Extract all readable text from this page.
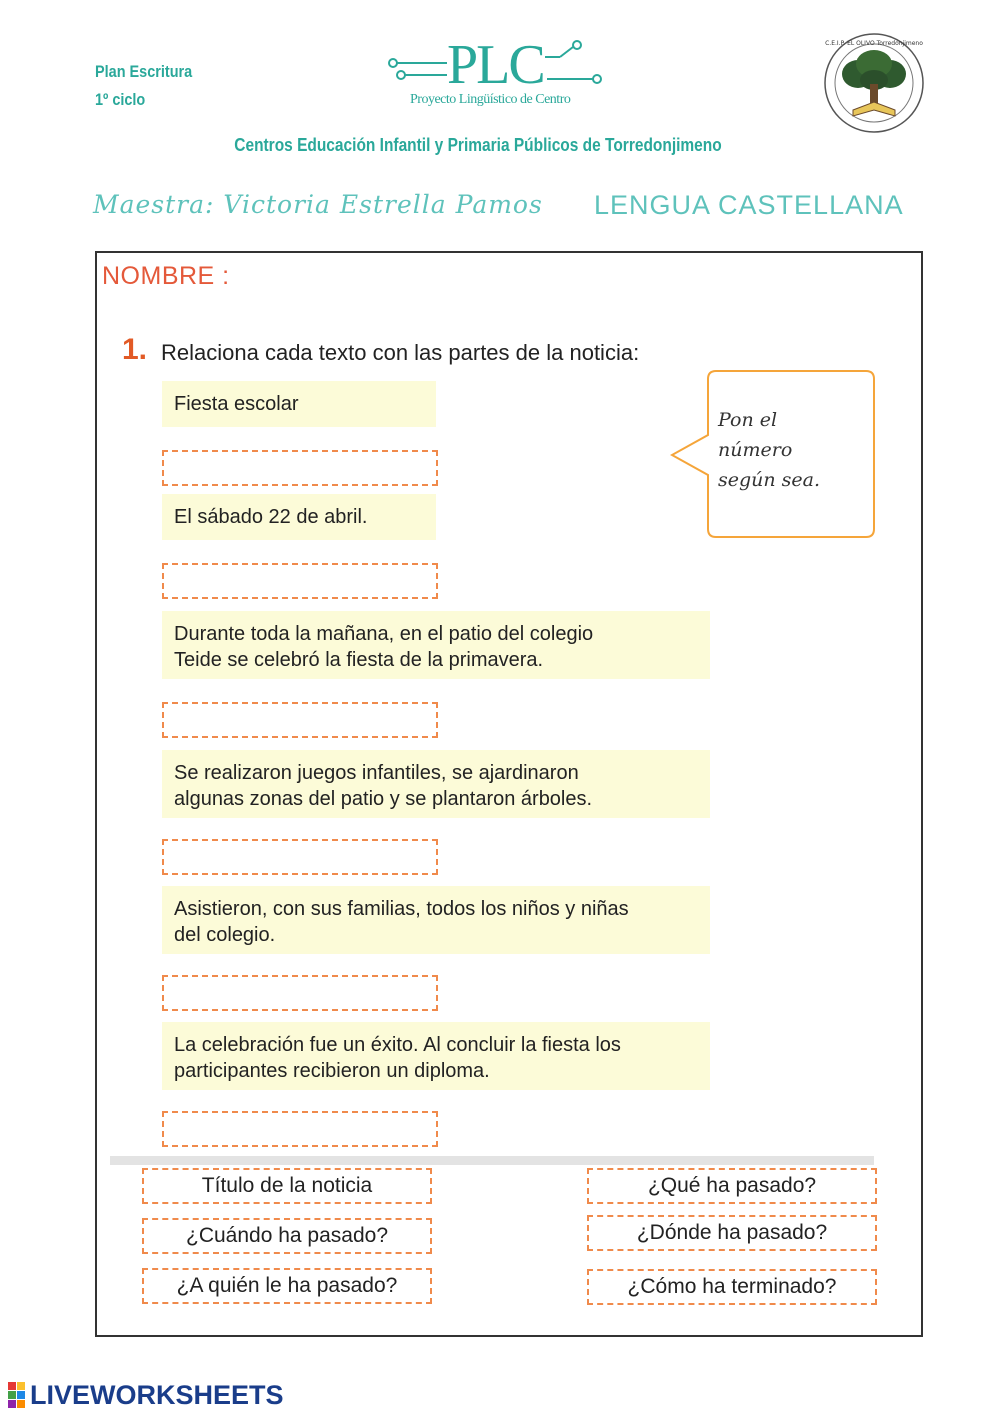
Plan Escritura
1º ciclo
PLC
Proyecto Lingüístico de Centro
C.E.I.P. EL OLIVO Torredonjimeno
Centros Educación Infantil y Primaria Públicos de Torredonjimeno
Maestra: Victoria Estrella Pamos LENGUA CASTELLANA
NOMBRE :
1. Relaciona cada texto con las partes de la noticia:
Pon el
número
según sea.
Fiesta escolar
El sábado 22 de abril.
Durante toda la mañana, en el patio del colegio
Teide se celebró la fiesta de la primavera.
Se realizaron juegos infantiles, se ajardinaron
algunas zonas del patio y se plantaron árboles.
Asistieron, con sus familias, todos los niños y niñas
del colegio.
La celebración fue un éxito. Al concluir la fiesta los
participantes recibieron un diploma.
Título de la noticia	¿Qué ha pasado?
¿Cuándo ha pasado?	¿Dónde ha pasado?
¿A quién le ha pasado?	¿Cómo ha terminado?
LIVEWORKSHEETS
